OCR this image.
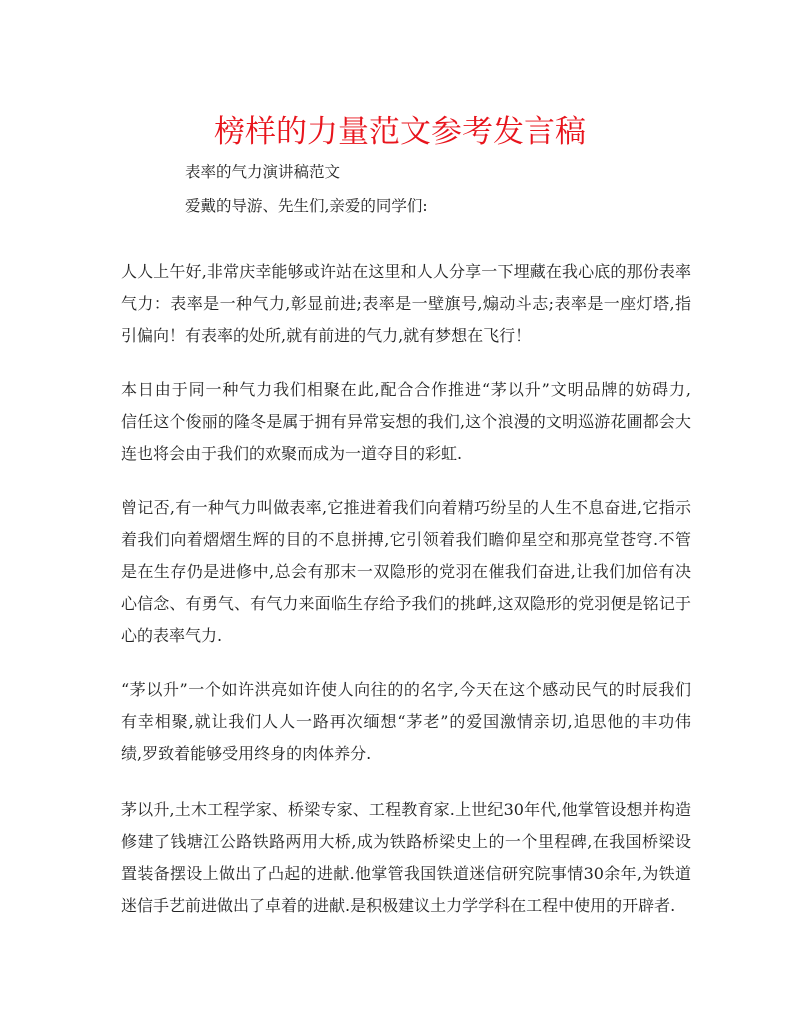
榜样的力量范文参考发言稿

表率的气力演讲稿范文

爱戴的导游、先生们,亲爱的同学们:

人人上午好,非常庆幸能够或许站在这里和人人分享一下埋藏在我心底的那份表率
气力：表率是一种气力,彰显前进;表率是一壁旗号,煽动斗志;表率是一座灯塔,指
引偏向！有表率的处所,就有前进的气力,就有梦想在飞行！
本日由于同一种气力我们相聚在此,配合合作推进“茅以升”文明品牌的妨碍力,
信任这个俊丽的隆冬是属于拥有异常妄想的我们,这个浪漫的文明巡游花圃都会大
连也将会由于我们的欢聚而成为一道夺目的彩虹.
曾记否,有一种气力叫做表率,它推进着我们向着精巧纷呈的人生不息奋进,它指示
着我们向着熠熠生辉的目的不息拼搏,它引领着我们瞻仰星空和那亮堂苍穹.不管
是在生存仍是进修中,总会有那末一双隐形的党羽在催我们奋进,让我们加倍有决
心信念、有勇气、有气力来面临生存给予我们的挑衅,这双隐形的党羽便是铭记于
心的表率气力.
“茅以升”一个如许洪亮如许使人向往的的名字,今天在这个感动民气的时辰我们
有幸相聚,就让我们人人一路再次缅想“茅老”的爱国激情亲切,追思他的丰功伟
绩,罗致着能够受用终身的肉体养分.
茅以升,土木工程学家、桥梁专家、工程教育家.上世纪30年代,他掌管设想并构造
修建了钱塘江公路铁路两用大桥,成为铁路桥梁史上的一个里程碑,在我国桥梁设
置装备摆设上做出了凸起的进献.他掌管我国铁道迷信研究院事情30余年,为铁道
迷信手艺前进做出了卓着的进献.是积极建议土力学学科在工程中使用的开辟者.
